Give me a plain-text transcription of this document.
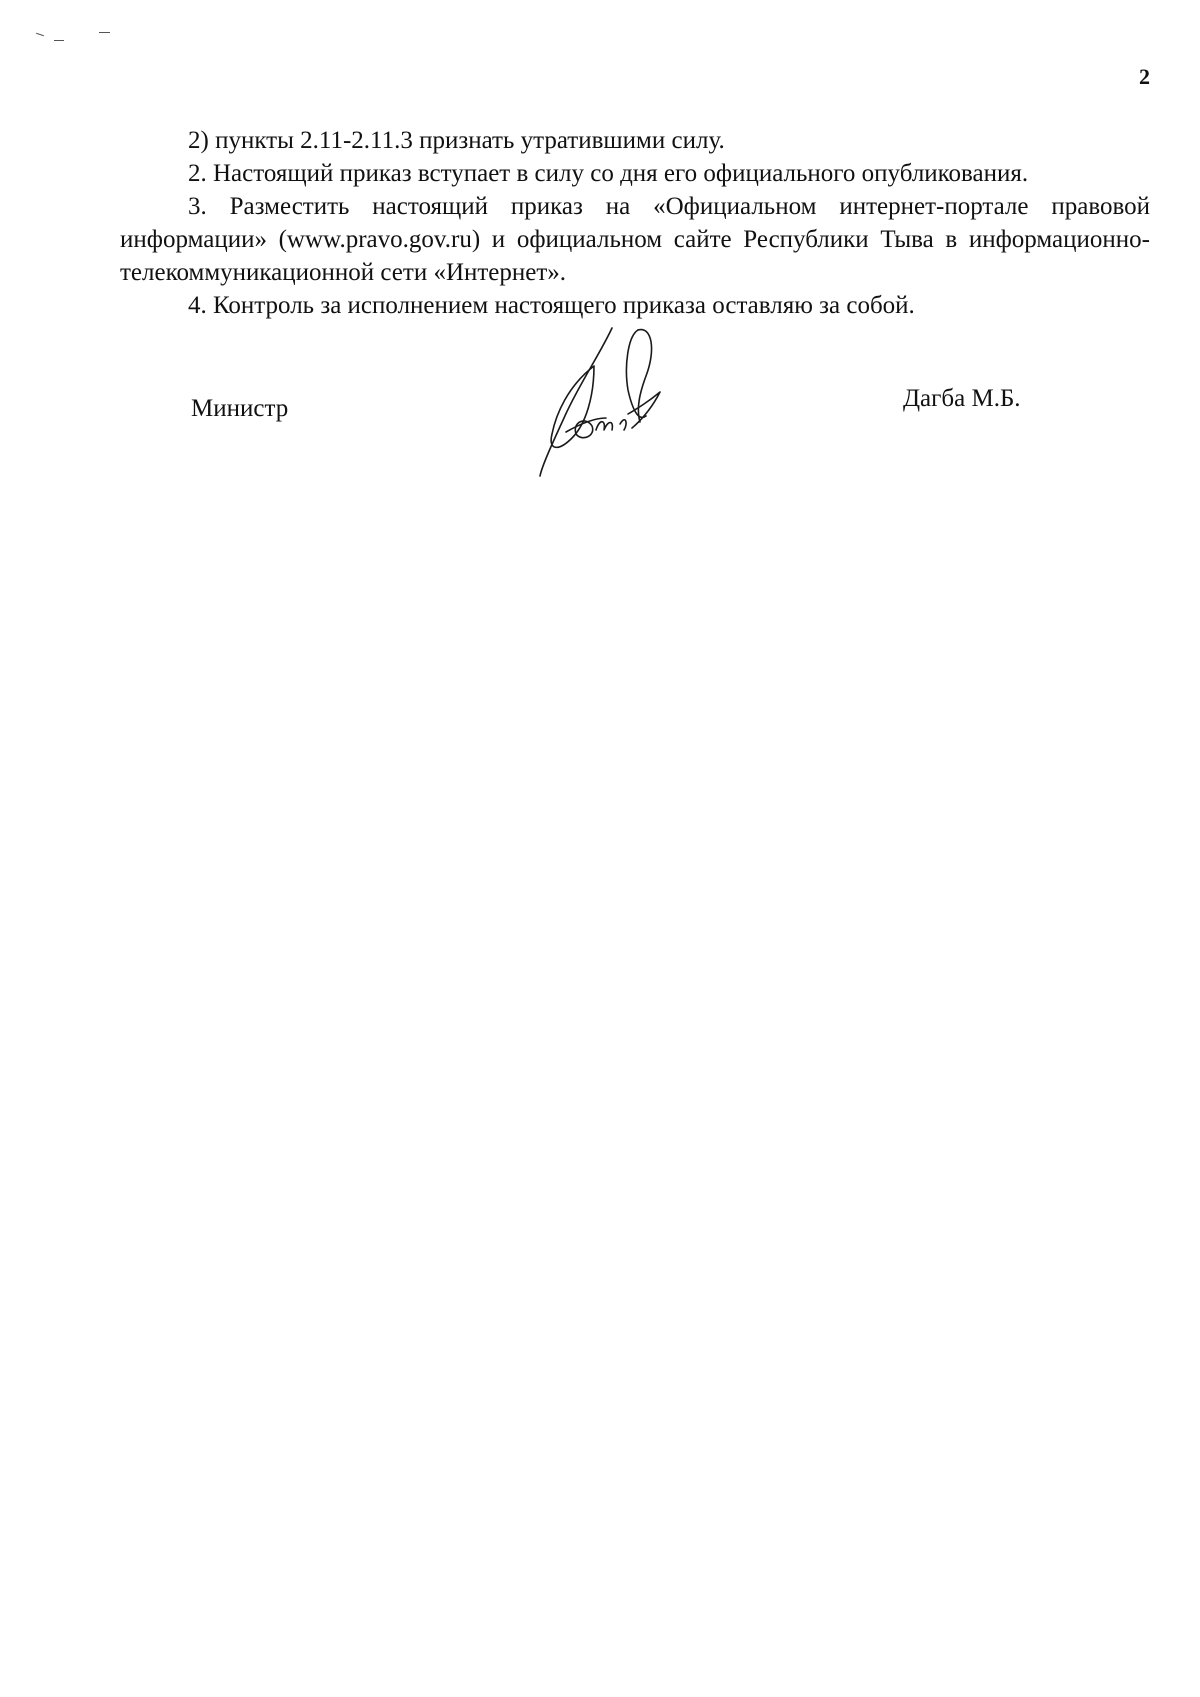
2

2) пункты 2.11-2.11.3 признать утратившими силу.

2. Настоящий приказ вступает в силу со дня его официального опубликования.

3. Разместить настоящий приказ на «Официальном интернет-портале правовой информации» (www.pravo.gov.ru) и официальном сайте Республики Тыва в информационно-телекоммуникационной сети «Интернет».

4. Контроль за исполнением настоящего приказа оставляю за собой.

Министр	Дагба М.Б.
